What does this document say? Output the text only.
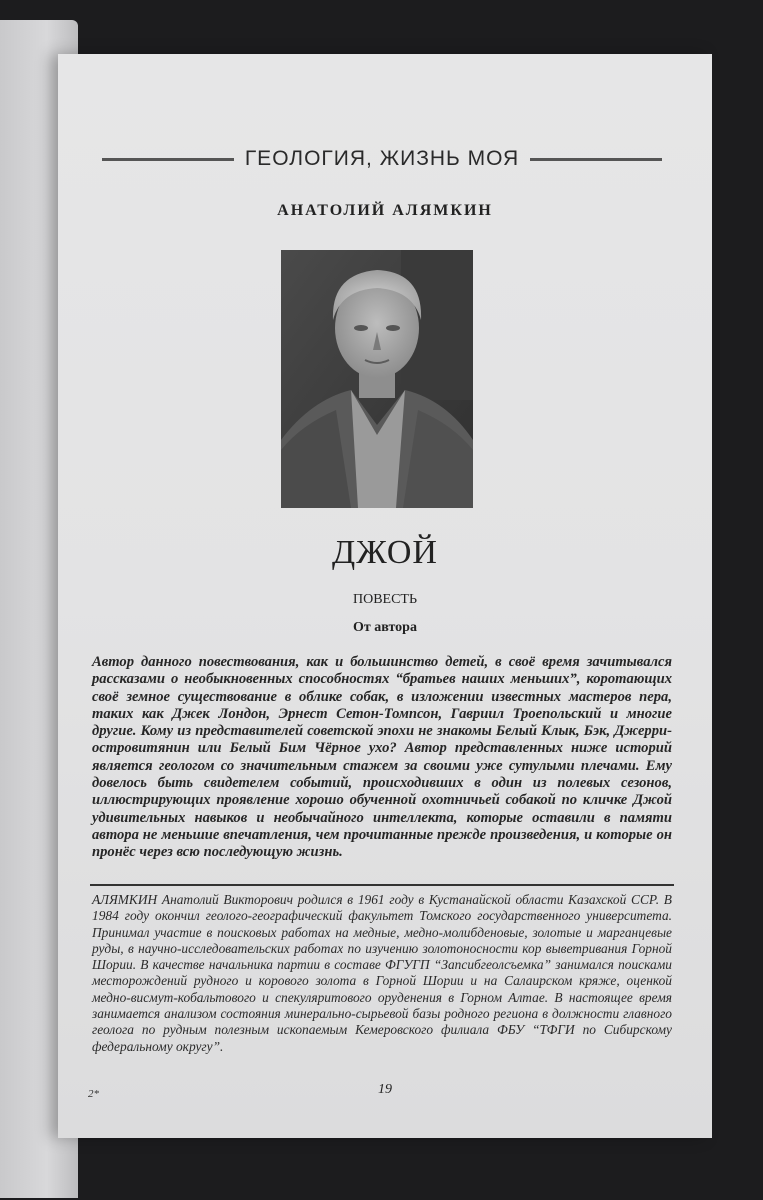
ГЕОЛОГИЯ, ЖИЗНЬ МОЯ
АНАТОЛИЙ АЛЯМКИН
ДЖОЙ
ПОВЕСТЬ
От автора

Автор данного повествования, как и большинство детей, в своё время зачитывался рассказами о необыкновенных способностях “братьев наших меньших”, коротающих своё земное существование в облике собак, в изложении известных мастеров пера, таких как Джек Лондон, Эрнест Сетон-Томпсон, Гавриил Троепольский и многие другие. Кому из представителей советской эпохи не знакомы Белый Клык, Бэк, Джерри-островитянин или Белый Бим Чёрное ухо? Автор представленных ниже историй является геологом со значительным стажем за своими уже сутулыми плечами. Ему довелось быть свидетелем событий, происходивших в один из полевых сезонов, иллюстрирующих проявление хорошо обученной охотничьей собакой по кличке Джой удивительных навыков и необычайного интеллекта, которые оставили в памяти автора не меньшие впечатления, чем прочитанные прежде произведения, и которые он пронёс через всю последующую жизнь.

АЛЯМКИН Анатолий Викторович родился в 1961 году в Кустанайской области Казахской ССР. В 1984 году окончил геолого-географический факультет Томского государственного университета. Принимал участие в поисковых работах на медные, медно-молибденовые, золотые и марганцевые руды, в научно-исследовательских работах по изучению золотоносности кор выветривания Горной Шории. В качестве начальника партии в составе ФГУГП “Запсибгеолсъемка” занимался поисками месторождений рудного и корового золота в Горной Шории и на Салаирском кряже, оценкой медно-висмут-кобальтового и спекуляритового оруденения в Горном Алтае. В настоящее время занимается анализом состояния минерально-сырьевой базы родного региона в должности главного геолога по рудным полезным ископаемым Кемеровского филиала ФБУ “ТФГИ по Сибирскому федеральному округу”.

2*	19
